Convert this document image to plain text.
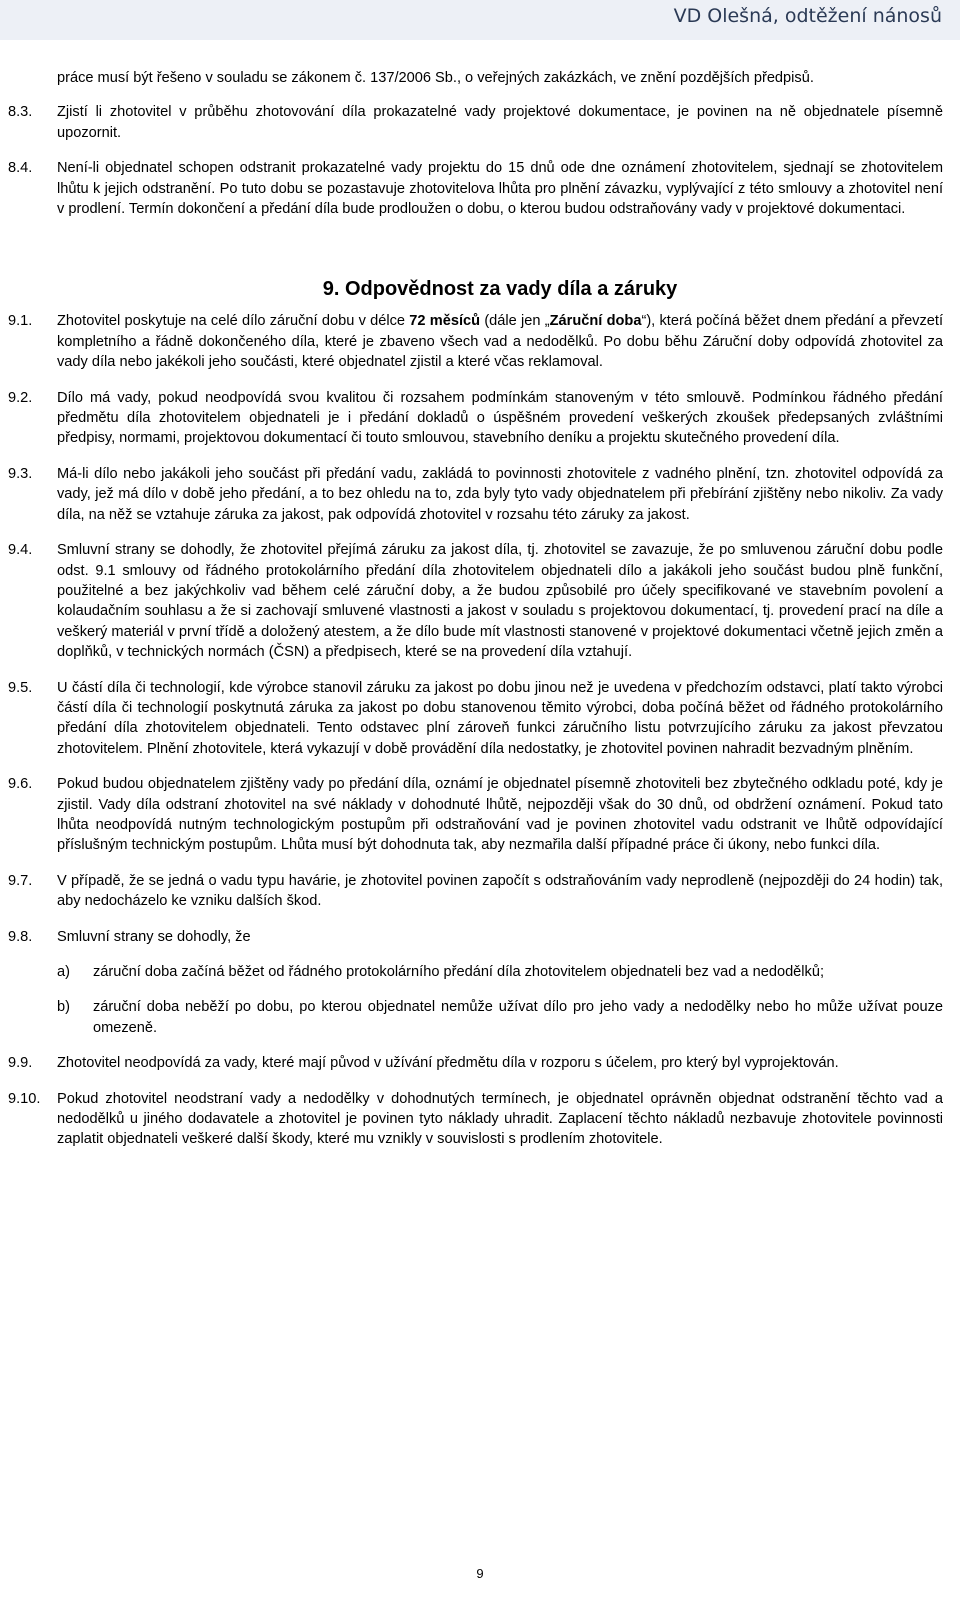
VD Olešná, odtěžení nánosů
práce musí být řešeno v souladu se zákonem č. 137/2006 Sb., o veřejných zakázkách, ve znění pozdějších předpisů.
8.3. Zjistí li zhotovitel v průběhu zhotovování díla prokazatelné vady projektové dokumentace, je povinen na ně objednatele písemně upozornit.
8.4. Není-li objednatel schopen odstranit prokazatelné vady projektu do 15 dnů ode dne oznámení zhotovitelem, sjednají se zhotovitelem lhůtu k jejich odstranění. Po tuto dobu se pozastavuje zhotovitelova lhůta pro plnění závazku, vyplývající z této smlouvy a zhotovitel není v prodlení. Termín dokončení a předání díla bude prodloužen o dobu, o kterou budou odstraňovány vady v projektové dokumentaci.
9. Odpovědnost za vady díla a záruky
9.1. Zhotovitel poskytuje na celé dílo záruční dobu v délce 72 měsíců (dále jen „Záruční doba“), která počíná běžet dnem předání a převzetí kompletního a řádně dokončeného díla, které je zbaveno všech vad a nedodělků. Po dobu běhu Záruční doby odpovídá zhotovitel za vady díla nebo jakékoli jeho součásti, které objednatel zjistil a které včas reklamoval.
9.2. Dílo má vady, pokud neodpovídá svou kvalitou či rozsahem podmínkám stanoveným v této smlouvě. Podmínkou řádného předání předmětu díla zhotovitelem objednateli je i předání dokladů o úspěšném provedení veškerých zkoušek předepsaných zvláštními předpisy, normami, projektovou dokumentací či touto smlouvou, stavebního deníku a projektu skutečného provedení díla.
9.3. Má-li dílo nebo jakákoli jeho součást při předání vadu, zakládá to povinnosti zhotovitele z vadného plnění, tzn. zhotovitel odpovídá za vady, jež má dílo v době jeho předání, a to bez ohledu na to, zda byly tyto vady objednatelem při přebírání zjištěny nebo nikoliv. Za vady díla, na něž se vztahuje záruka za jakost, pak odpovídá zhotovitel v rozsahu této záruky za jakost.
9.4. Smluvní strany se dohodly, že zhotovitel přejímá záruku za jakost díla, tj. zhotovitel se zavazuje, že po smluvenou záruční dobu podle odst. 9.1 smlouvy od řádného protokolárního předání díla zhotovitelem objednateli dílo a jakákoli jeho součást budou plně funkční, použitelné a bez jakýchkoliv vad během celé záruční doby, a že budou způsobilé pro účely specifikované ve stavebním povolení a kolaudačním souhlasu a že si zachovají smluvené vlastnosti a jakost v souladu s projektovou dokumentací, tj. provedení prací na díle a veškerý materiál v první třídě a doložený atestem, a že dílo bude mít vlastnosti stanovené v projektové dokumentaci včetně jejich změn a doplňků, v technických normách (ČSN) a předpisech, které se na provedení díla vztahují.
9.5. U částí díla či technologií, kde výrobce stanovil záruku za jakost po dobu jinou než je uvedena v předchozím odstavci, platí takto výrobci částí díla či technologií poskytnutá záruka za jakost po dobu stanovenou těmito výrobci, doba počíná běžet od řádného protokolárního předání díla zhotovitelem objednateli. Tento odstavec plní zároveň funkci záručního listu potvrzujícího záruku za jakost převzatou zhotovitelem. Plnění zhotovitele, která vykazují v době provádění díla nedostatky, je zhotovitel povinen nahradit bezvadným plněním.
9.6. Pokud budou objednatelem zjištěny vady po předání díla, oznámí je objednatel písemně zhotoviteli bez zbytečného odkladu poté, kdy je zjistil. Vady díla odstraní zhotovitel na své náklady v dohodnuté lhůtě, nejpozději však do 30 dnů, od obdržení oznámení. Pokud tato lhůta neodpovídá nutným technologickým postupům při odstraňování vad je povinen zhotovitel vadu odstranit ve lhůtě odpovídající příslušným technickým postupům. Lhůta musí být dohodnuta tak, aby nezmařila další případné práce či úkony, nebo funkci díla.
9.7. V případě, že se jedná o vadu typu havárie, je zhotovitel povinen započít s odstraňováním vady neprodleně (nejpozději do 24 hodin) tak, aby nedocházelo ke vzniku dalších škod.
9.8. Smluvní strany se dohodly, že
a) záruční doba začíná běžet od řádného protokolárního předání díla zhotovitelem objednateli bez vad a nedodělků;
b) záruční doba neběží po dobu, po kterou objednatel nemůže užívat dílo pro jeho vady a nedodělky nebo ho může užívat pouze omezeně.
9.9. Zhotovitel neodpovídá za vady, které mají původ v užívání předmětu díla v rozporu s účelem, pro který byl vyprojektován.
9.10. Pokud zhotovitel neodstraní vady a nedodělky v dohodnutých termínech, je objednatel oprávněn objednat odstranění těchto vad a nedodělků u jiného dodavatele a zhotovitel je povinen tyto náklady uhradit. Zaplacení těchto nákladů nezbavuje zhotovitele povinnosti zaplatit objednateli veškeré další škody, které mu vznikly v souvislosti s prodlením zhotovitele.
9
